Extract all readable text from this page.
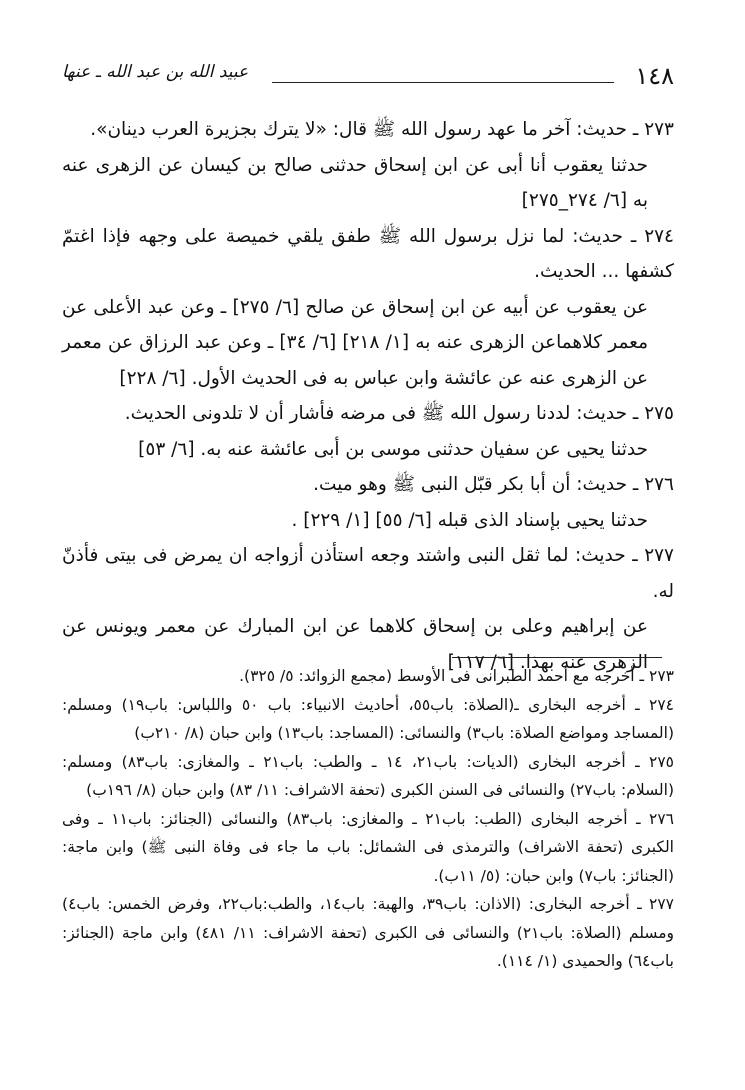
١٤٨
عبيد الله بن عبد الله ـ عنها

٢٧٣ ـ حديث: آخر ما عهد رسول الله ﷺ قال: «لا يترك بجزيرة العرب دينان».

حدثنا يعقوب أنا أبى عن ابن إسحاق حدثنى صالح بن كيسان عن الزهرى عنه به [٦/ ٢٧٤_٢٧٥]

٢٧٤ ـ حديث: لما نزل برسول الله ﷺ طفق يلقي خميصة على وجهه فإذا اغتمّ كشفها ... الحديث.

عن يعقوب عن أبيه عن ابن إسحاق عن صالح [٦/ ٢٧٥] ـ وعن عبد الأعلى عن معمر كلاهماعن الزهرى عنه به [١/ ٢١٨] [٦/ ٣٤] ـ وعن عبد الرزاق عن معمر عن الزهرى عنه عن عائشة وابن عباس به فى الحديث الأول. [٦/ ٢٢٨]

٢٧٥ ـ حديث: لددنا رسول الله ﷺ فى مرضه فأشار أن لا تلدونى الحديث.

حدثنا يحيى عن سفيان حدثنى موسى بن أبى عائشة عنه به. [٦/ ٥٣]

٢٧٦ ـ حديث: أن أبا بكر قبّل النبى ﷺ وهو ميت.

حدثنا يحيى بإسناد الذى قبله [٦/ ٥٥] [١/ ٢٢٩] .

٢٧٧ ـ حديث: لما ثقل النبى واشتد وجعه استأذن أزواجه ان يمرض فى بيتى فأذنّ له.

عن إبراهيم وعلى بن إسحاق كلاهما عن ابن المبارك عن معمر ويونس عن الزهرى عنه بهذا. [٦/ ١١٧]

٢٧٣ ـ أخرجه مع أحمد الطبرانى فى الأوسط (مجمع الزوائد: ٥/ ٣٢٥).

٢٧٤ ـ أخرجه البخارى ـ(الصلاة: باب٥٥، أحاديث الانبياء: باب ٥٠ واللباس: باب١٩) ومسلم: (المساجد ومواضع الصلاة: باب٣) والنسائى: (المساجد: باب١٣) وابن حبان (٨/ ٢١٠ب)

٢٧٥ ـ أخرجه البخارى (الديات: باب٢١، ١٤ ـ والطب: باب٢١ ـ والمغازى: باب٨٣) ومسلم: (السلام: باب٢٧) والنسائى فى السنن الكبرى (تحفة الاشراف: ١١/ ٨٣) وابن حبان (٨/ ١٩٦ب)

٢٧٦ ـ أخرجه البخارى (الطب: باب٢١ ـ والمغازى: باب٨٣) والنسائى (الجنائز: باب١١ ـ وفى الكبرى (تحفة الاشراف) والترمذى فى الشمائل: باب ما جاء فى وفاة النبى ﷺ) وابن ماجة: (الجنائز: باب٧) وابن حبان: (٥/ ١١ب).

٢٧٧ ـ أخرجه البخارى: (الاذان: باب٣٩، والهبة: باب١٤، والطب:باب٢٢، وفرض الخمس: باب٤) ومسلم (الصلاة: باب٢١) والنسائى فى الكبرى (تحفة الاشراف: ١١/ ٤٨١) وابن ماجة (الجنائز: باب٦٤) والحميدى (١/ ١١٤).
